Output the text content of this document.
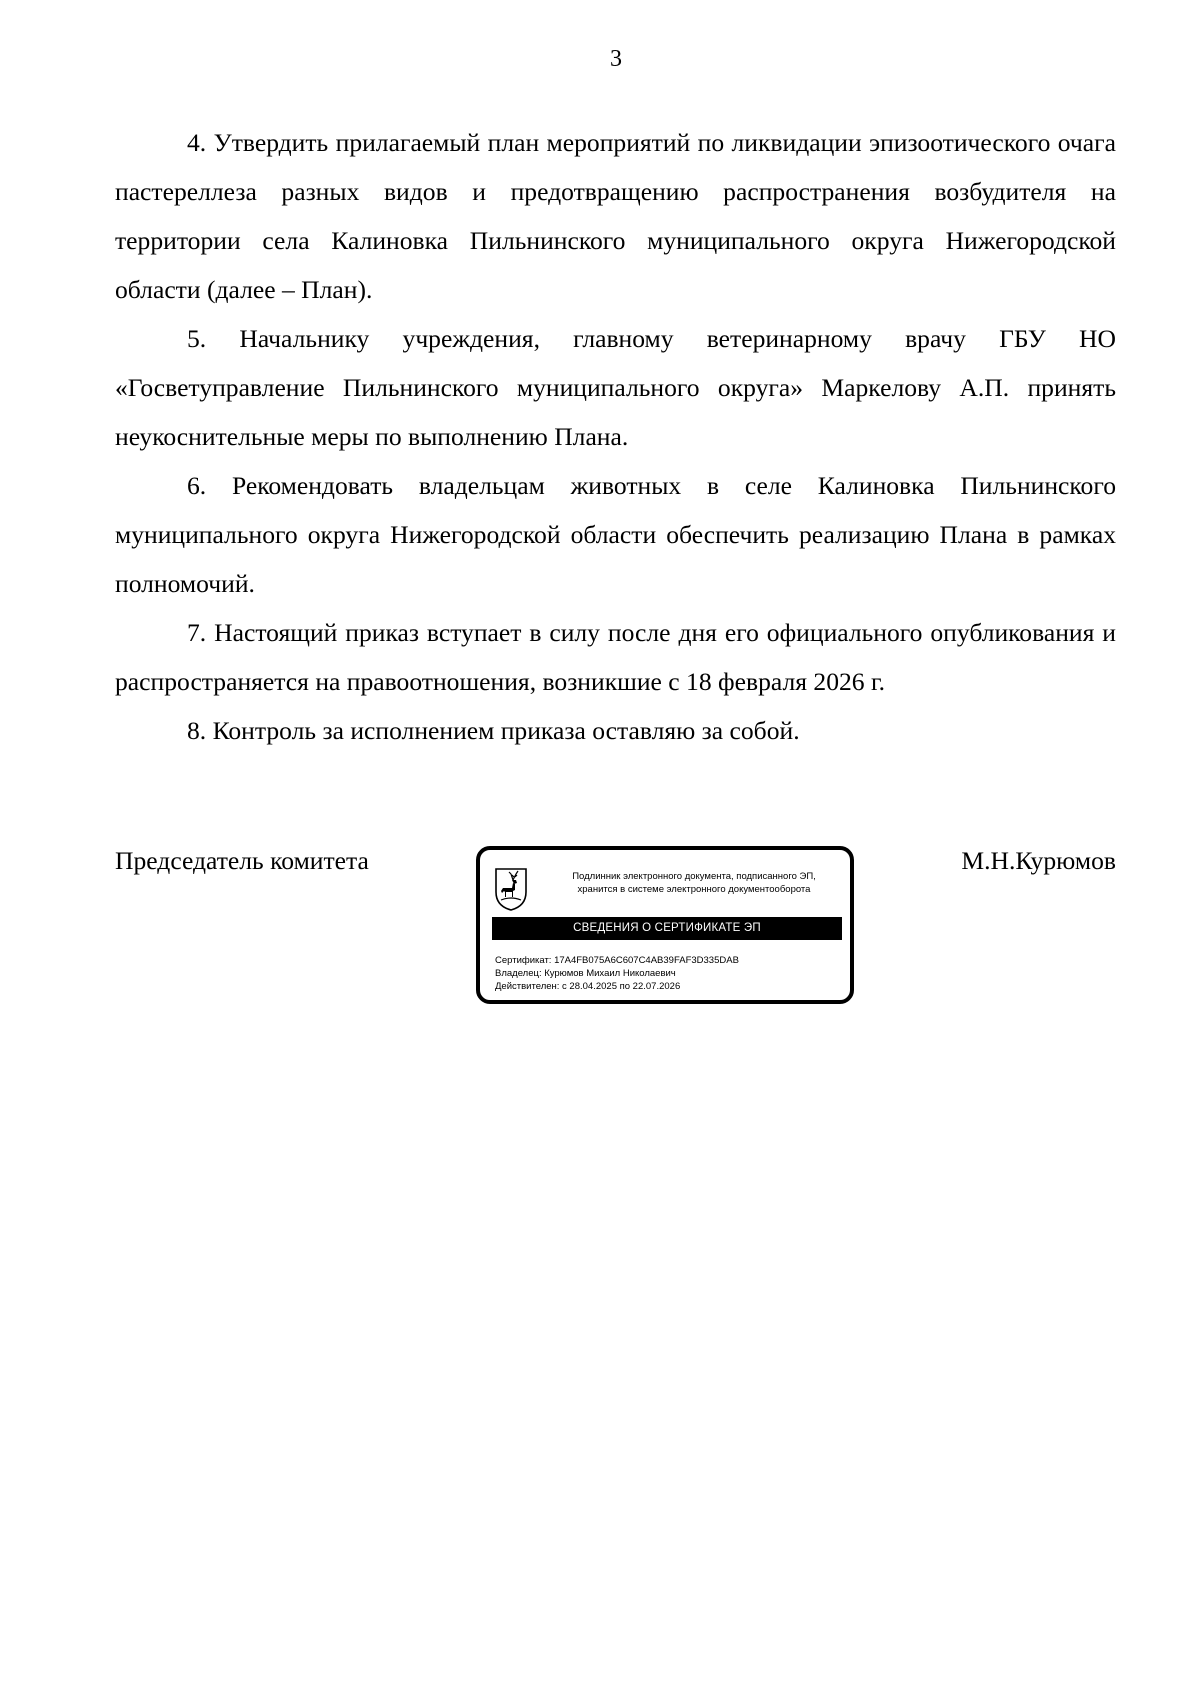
3

4. Утвердить прилагаемый план мероприятий по ликвидации эпизоотического очага пастереллеза разных видов и предотвращению распространения возбудителя на территории села Калиновка Пильнинского муниципального округа Нижегородской области (далее – План).

5. Начальнику учреждения, главному ветеринарному врачу ГБУ НО «Госветуправление Пильнинского муниципального округа» Маркелову А.П. принять неукоснительные меры по выполнению Плана.

6. Рекомендовать владельцам животных в селе Калиновка Пильнинского муниципального округа Нижегородской области обеспечить реализацию Плана в рамках полномочий.

7. Настоящий приказ вступает в силу после дня его официального опубликования и распространяется на правоотношения, возникшие с 18 февраля 2026 г.

8. Контроль за исполнением приказа оставляю за собой.

Председатель комитета	М.Н.Курюмов
Подлинник электронного документа, подписанного ЭП,
хранится в системе электронного документооборота
СВЕДЕНИЯ О СЕРТИФИКАТЕ ЭП
Сертификат: 17A4FB075A6C607C4AB39FAF3D335DAB
Владелец: Курюмов Михаил Николаевич
Действителен: с 28.04.2025 по 22.07.2026
